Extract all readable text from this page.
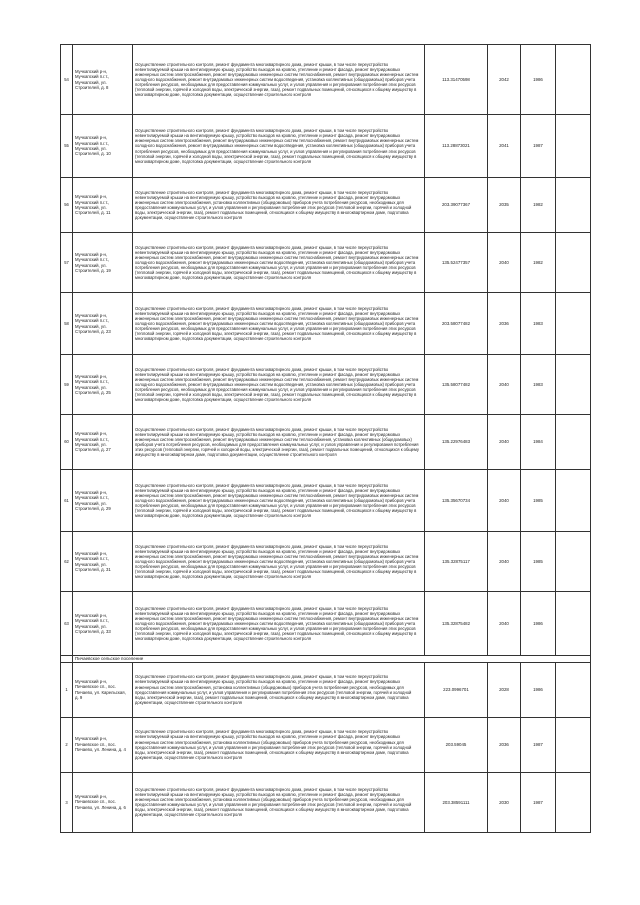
54	Мучкапский р-н, Мучкапский п.г.т., Мучкапский, ул. Строителей, д. 8	Осуществление строительного контроля, ремонт фундамента многоквартирного дома, ремонт крыши, в том числе переустройство невентилируемой крыши на вентилируемую крышу, устройство выходов на кровлю, утепление и ремонт фасада, ремонт внутридомовых инженерных систем электроснабжения, ремонт внутридомовых инженерных систем теплоснабжения, ремонт внутридомовых инженерных систем холодного водоснабжения, ремонт внутридомовых инженерных систем водоотведения, установка коллективных (общедомовых) приборов учета потребления ресурсов, необходимых для предоставления коммунальных услуг, и узлов управления и регулирования потребления этих ресурсов (тепловой энергии, горячей и холодной воды, электрической энергии, газа), ремонт подвальных помещений, относящихся к общему имуществу в многоквартирном доме, подготовка документации, осуществление строительного контроля	113.31470598	2042	1986	
55	Мучкапский р-н, Мучкапский п.г.т., Мучкапский, ул. Строителей, д. 10	Осуществление строительного контроля, ремонт фундамента многоквартирного дома, ремонт крыши, в том числе переустройство невентилируемой крыши на вентилируемую крышу, устройство выходов на кровлю, утепление и ремонт фасада, ремонт внутридомовых инженерных систем электроснабжения, ремонт внутридомовых инженерных систем теплоснабжения, ремонт внутридомовых инженерных систем холодного водоснабжения, ремонт внутридомовых инженерных систем водоотведения, установка коллективных (общедомовых) приборов учета потребления ресурсов, необходимых для предоставления коммунальных услуг, и узлов управления и регулирования потребления этих ресурсов (тепловой энергии, горячей и холодной воды, электрической энергии, газа), ремонт подвальных помещений, относящихся к общему имуществу в многоквартирном доме, подготовка документации, осуществление строительного контроля	113.28873021	2041	1987	
56	Мучкапский р-н, Мучкапский п.г.т., Мучкапский, ул. Строителей, д. 11	Осуществление строительного контроля, ремонт фундамента многоквартирного дома, ремонт крыши, в том числе переустройство невентилируемой крыши на вентилируемую крышу, устройство выходов на кровлю, утепление и ремонт фасада, ремонт внутридомовых инженерных систем электроснабжения, установка коллективных (общедомовых) приборов учета потребления ресурсов, необходимых для предоставления коммунальных услуг, и узлов управления и регулирования потребления этих ресурсов (тепловой энергии, горячей и холодной воды, электрической энергии, газа), ремонт подвальных помещений, относящихся к общему имуществу в многоквартирном доме, подготовка документации, осуществление строительного контроля	203.39077367	2035	1982	
57	Мучкапский р-н, Мучкапский п.г.т., Мучкапский, ул. Строителей, д. 19	Осуществление строительного контроля, ремонт фундамента многоквартирного дома, ремонт крыши, в том числе переустройство невентилируемой крыши на вентилируемую крышу, устройство выходов на кровлю, утепление и ремонт фасада, ремонт внутридомовых инженерных систем электроснабжения, ремонт внутридомовых инженерных систем теплоснабжения, ремонт внутридомовых инженерных систем холодного водоснабжения, ремонт внутридомовых инженерных систем водоотведения, установка коллективных (общедомовых) приборов учета потребления ресурсов, необходимых для предоставления коммунальных услуг, и узлов управления и регулирования потребления этих ресурсов (тепловой энергии, горячей и холодной воды, электрической энергии, газа), ремонт подвальных помещений, относящихся к общему имуществу в многоквартирном доме, подготовка документации, осуществление строительного контроля	135.52477357	2040	1982	
58	Мучкапский р-н, Мучкапский п.г.т., Мучкапский, ул. Строителей, д. 23	Осуществление строительного контроля, ремонт фундамента многоквартирного дома, ремонт крыши, в том числе переустройство невентилируемой крыши на вентилируемую крышу, устройство выходов на кровлю, утепление и ремонт фасада, ремонт внутридомовых инженерных систем электроснабжения, ремонт внутридомовых инженерных систем теплоснабжения, ремонт внутридомовых инженерных систем холодного водоснабжения, ремонт внутридомовых инженерных систем водоотведения, установка коллективных (общедомовых) приборов учета потребления ресурсов, необходимых для предоставления коммунальных услуг, и узлов управления и регулирования потребления этих ресурсов (тепловой энергии, горячей и холодной воды, электрической энергии, газа), ремонт подвальных помещений, относящихся к общему имуществу в многоквартирном доме, подготовка документации, осуществление строительного контроля	203.58077482	2036	1983	
59	Мучкапский р-н, Мучкапский п.г.т., Мучкапский, ул. Строителей, д. 25	Осуществление строительного контроля, ремонт фундамента многоквартирного дома, ремонт крыши, в том числе переустройство невентилируемой крыши на вентилируемую крышу, устройство выходов на кровлю, утепление и ремонт фасада, ремонт внутридомовых инженерных систем электроснабжения, ремонт внутридомовых инженерных систем теплоснабжения, ремонт внутридомовых инженерных систем холодного водоснабжения, ремонт внутридомовых инженерных систем водоотведения, установка коллективных (общедомовых) приборов учета потребления ресурсов, необходимых для предоставления коммунальных услуг, и узлов управления и регулирования потребления этих ресурсов (тепловой энергии, горячей и холодной воды, электрической энергии, газа), ремонт подвальных помещений, относящихся к общему имуществу в многоквартирном доме, подготовка документации, осуществление строительного контроля	135.58077482	2040	1983	
60	Мучкапский р-н, Мучкапский п.г.т., Мучкапский, ул. Строителей, д. 27	Осуществление строительного контроля, ремонт фундамента многоквартирного дома, ремонт крыши, в том числе переустройство невентилируемой крыши на вентилируемую крышу, устройство выходов на кровлю, утепление и ремонт фасада, ремонт внутридомовых инженерных систем электроснабжения, ремонт внутридомовых инженерных систем теплоснабжения, установка коллективных (общедомовых) приборов учета потребления ресурсов, необходимых для предоставления коммунальных услуг, и узлов управления и регулирования потребления этих ресурсов (тепловой энергии, горячей и холодной воды, электрической энергии, газа), ремонт подвальных помещений, относящихся к общему имуществу в многоквартирном доме, подготовка документации, осуществление строительного контроля	135.22976483	2040	1984	
61	Мучкапский р-н, Мучкапский п.г.т., Мучкапский, ул. Строителей, д. 29	Осуществление строительного контроля, ремонт фундамента многоквартирного дома, ремонт крыши, в том числе переустройство невентилируемой крыши на вентилируемую крышу, устройство выходов на кровлю, утепление и ремонт фасада, ремонт внутридомовых инженерных систем электроснабжения, ремонт внутридомовых инженерных систем теплоснабжения, ремонт внутридомовых инженерных систем холодного водоснабжения, ремонт внутридомовых инженерных систем водоотведения, установка коллективных (общедомовых) приборов учета потребления ресурсов, необходимых для предоставления коммунальных услуг, и узлов управления и регулирования потребления этих ресурсов (тепловой энергии, горячей и холодной воды, электрической энергии, газа), ремонт подвальных помещений, относящихся к общему имуществу в многоквартирном доме, подготовка документации, осуществление строительного контроля	135.35670734	2040	1985	
62	Мучкапский р-н, Мучкапский п.г.т., Мучкапский, ул. Строителей, д. 31	Осуществление строительного контроля, ремонт фундамента многоквартирного дома, ремонт крыши, в том числе переустройство невентилируемой крыши на вентилируемую крышу, устройство выходов на кровлю, утепление и ремонт фасада, ремонт внутридомовых инженерных систем электроснабжения, ремонт внутридомовых инженерных систем теплоснабжения, ремонт внутридомовых инженерных систем холодного водоснабжения, ремонт внутридомовых инженерных систем водоотведения, установка коллективных (общедомовых) приборов учета потребления ресурсов, необходимых для предоставления коммунальных услуг, и узлов управления и регулирования потребления этих ресурсов (тепловой энергии, горячей и холодной воды, электрической энергии, газа), ремонт подвальных помещений, относящихся к общему имуществу в многоквартирном доме, подготовка документации, осуществление строительного контроля	135.32875117	2040	1985	
63	Мучкапский р-н, Мучкапский п.г.т., Мучкапский, ул. Строителей, д. 33	Осуществление строительного контроля, ремонт фундамента многоквартирного дома, ремонт крыши, в том числе переустройство невентилируемой крыши на вентилируемую крышу, устройство выходов на кровлю, утепление и ремонт фасада, ремонт внутридомовых инженерных систем электроснабжения, ремонт внутридомовых инженерных систем теплоснабжения, ремонт внутридомовых инженерных систем холодного водоснабжения, ремонт внутридомовых инженерных систем водоотведения, установка коллективных (общедомовых) приборов учета потребления ресурсов, необходимых для предоставления коммунальных услуг, и узлов управления и регулирования потребления этих ресурсов (тепловой энергии, горячей и холодной воды, электрической энергии, газа), ремонт подвальных помещений, относящихся к общему имуществу в многоквартирном доме, подготовка документации, осуществление строительного контроля	135.32875482	2040	1986	
	Пичаевское сельское поселение					
1	Мучкапский р-н, Пичаевское сп., пос. Пичаево, ул. Карельская, д. 9	Осуществление строительного контроля, ремонт фундамента многоквартирного дома, ремонт крыши, в том числе переустройство невентилируемой крыши на вентилируемую крышу, устройство выходов на кровлю, утепление и ремонт фасада, ремонт внутридомовых инженерных систем электроснабжения, установка коллективных (общедомовых) приборов учета потребления ресурсов, необходимых для предоставления коммунальных услуг, и узлов управления и регулирования потребления этих ресурсов (тепловой энергии, горячей и холодной воды, электрической энергии, газа), ремонт подвальных помещений, относящихся к общему имуществу в многоквартирном доме, подготовка документации, осуществление строительного контроля	223.0996701	2028	1986	
2	Мучкапский р-н, Пичаевское сп., пос. Пичаево, ул. Ленина, д. 4	Осуществление строительного контроля, ремонт фундамента многоквартирного дома, ремонт крыши, в том числе переустройство невентилируемой крыши на вентилируемую крышу, устройство выходов на кровлю, утепление и ремонт фасада, ремонт внутридомовых инженерных систем электроснабжения, установка коллективных (общедомовых) приборов учета потребления ресурсов, необходимых для предоставления коммунальных услуг, и узлов управления и регулирования потребления этих ресурсов (тепловой энергии, горячей и холодной воды, электрической энергии, газа), ремонт подвальных помещений, относящихся к общему имуществу в многоквартирном доме, подготовка документации, осуществление строительного контроля	203.59045	2036	1987	
3	Мучкапский р-н, Пичаевское сп., пос. Пичаево, ул. Ленина, д. 6	Осуществление строительного контроля, ремонт фундамента многоквартирного дома, ремонт крыши, в том числе переустройство невентилируемой крыши на вентилируемую крышу, устройство выходов на кровлю, утепление и ремонт фасада, ремонт внутридомовых инженерных систем электроснабжения, установка коллективных (общедомовых) приборов учета потребления ресурсов, необходимых для предоставления коммунальных услуг, и узлов управления и регулирования потребления этих ресурсов (тепловой энергии, горячей и холодной воды, электрической энергии, газа), ремонт подвальных помещений, относящихся к общему имуществу в многоквартирном доме, подготовка документации, осуществление строительного контроля	203.38591111	2030	1987	
